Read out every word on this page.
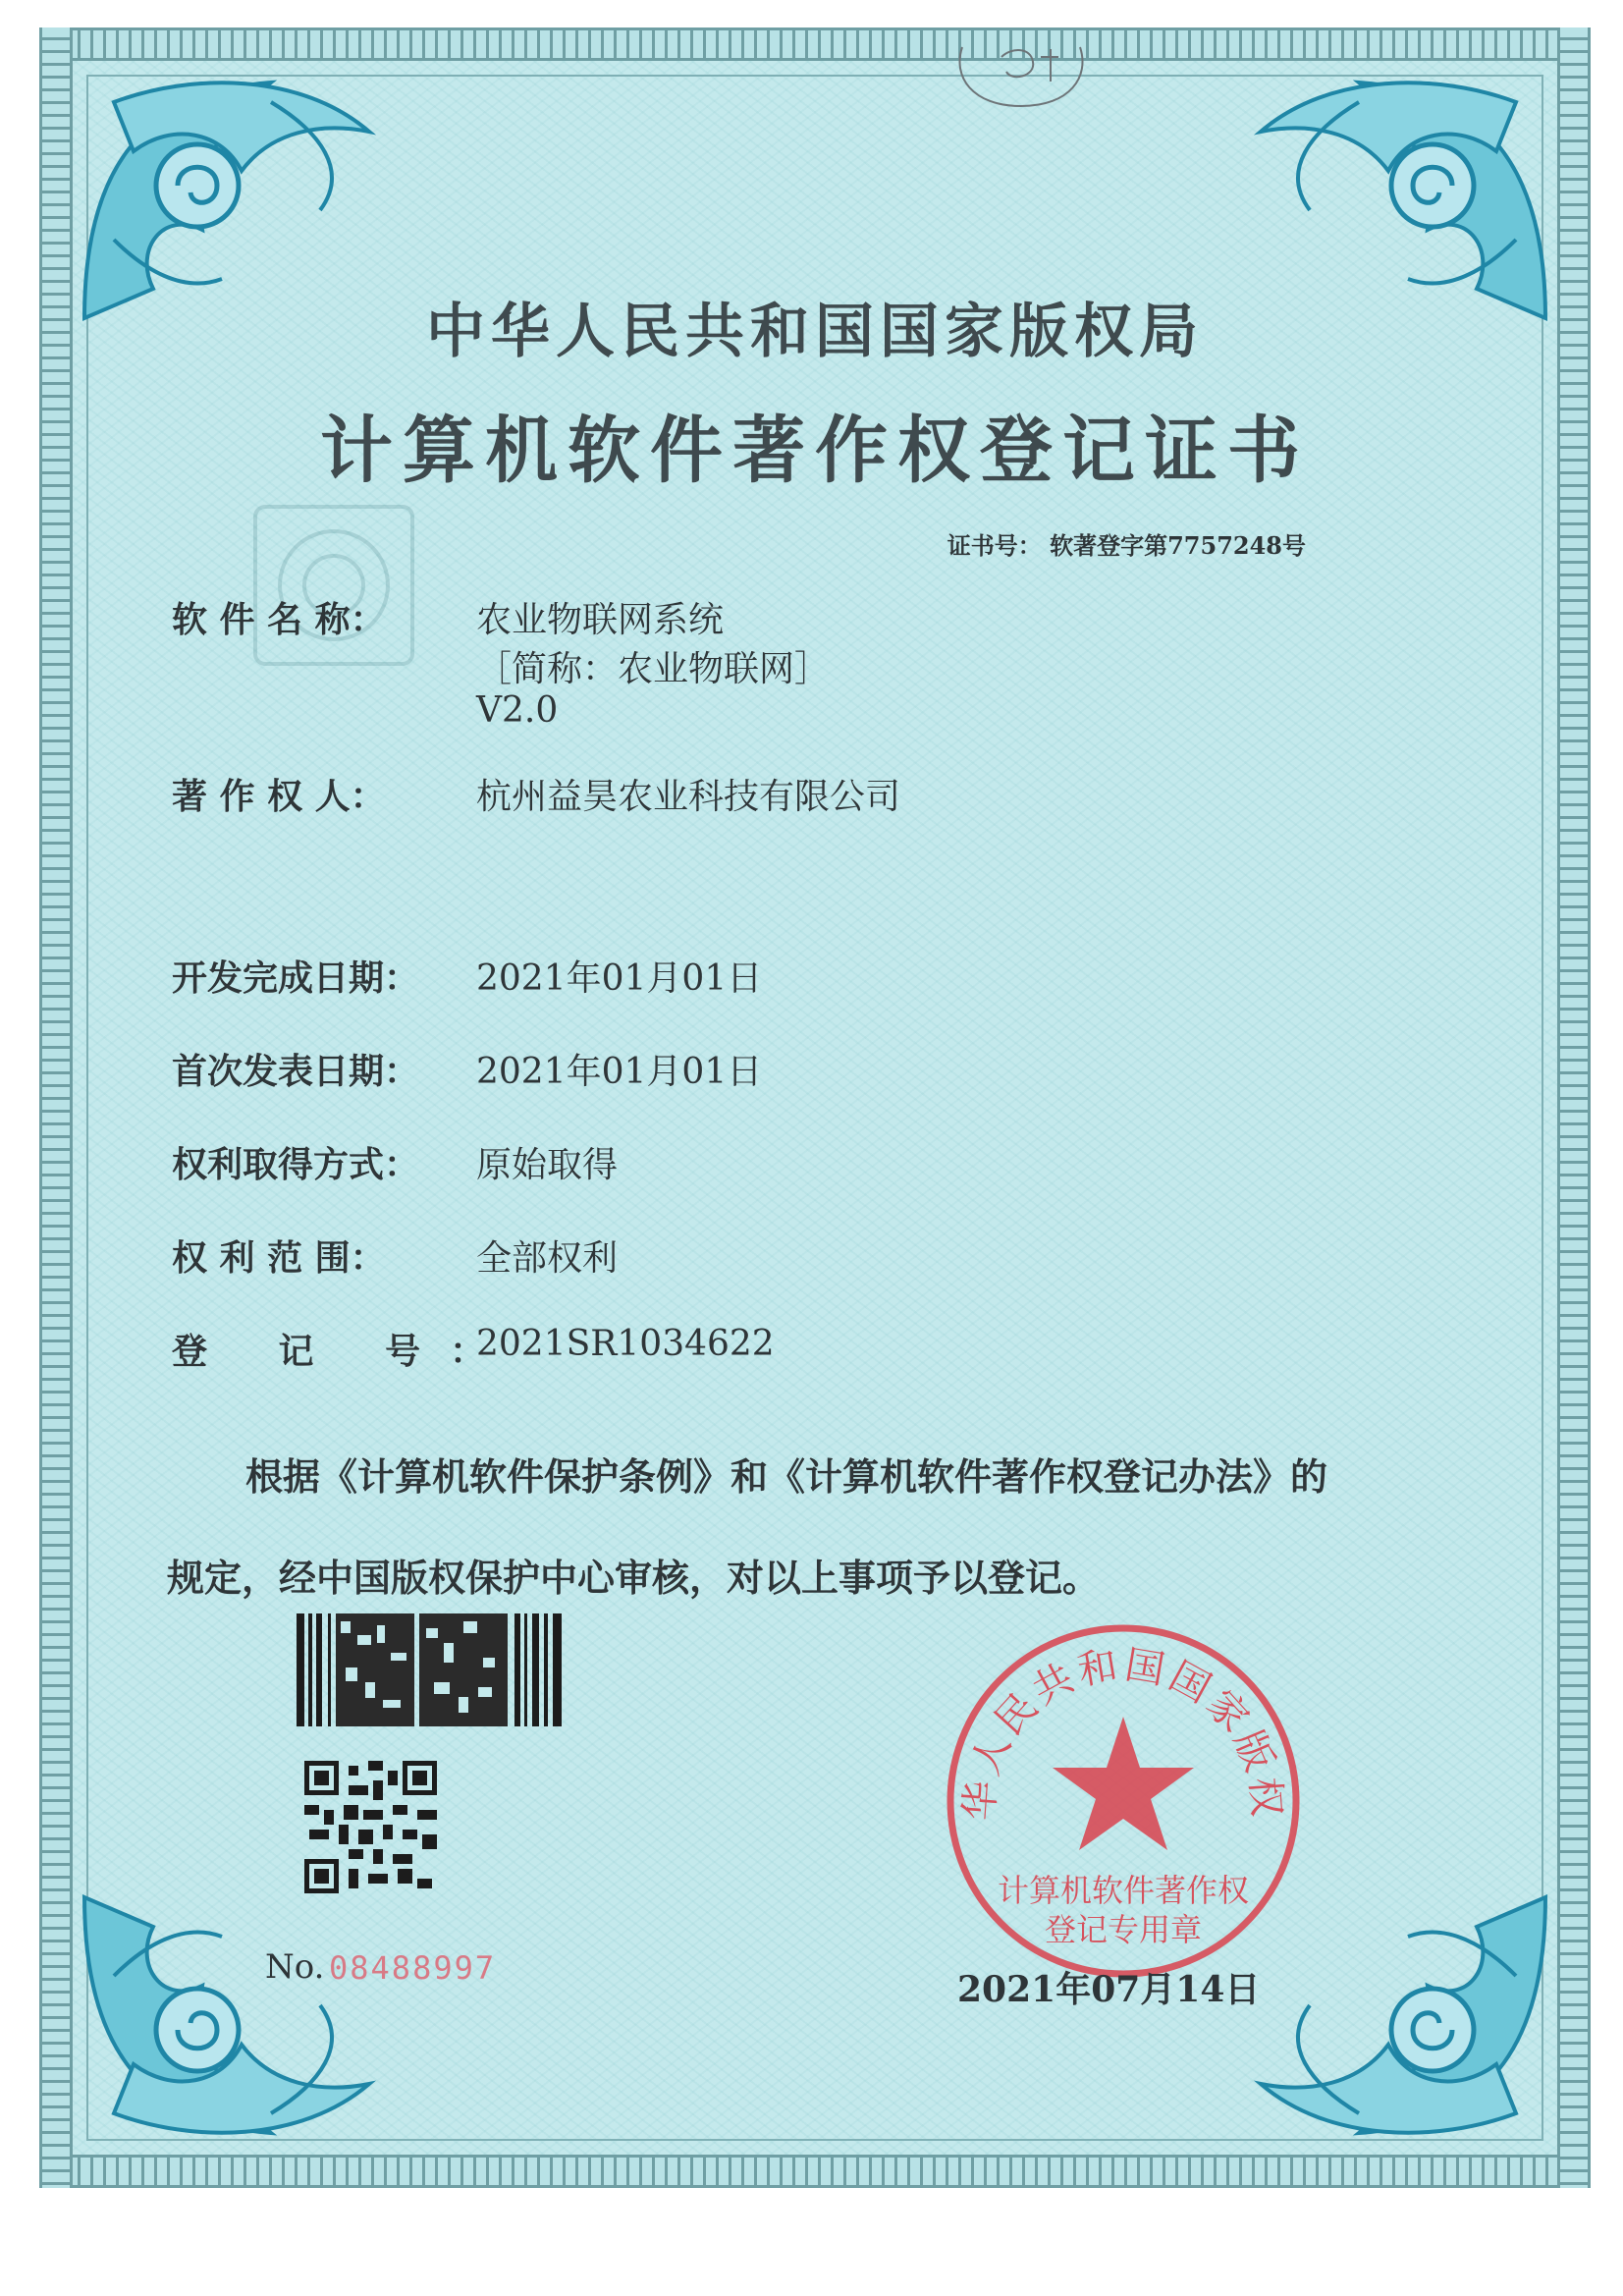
中华人民共和国国家版权局
计算机软件著作权登记证书
证书号： 软著登字第7757248号
软 件 名 称：	农业物联网系统
［简称：农业物联网］
V2.0
著 作 权 人：	杭州益昊农业科技有限公司
开发完成日期： 2021年01月01日
首次发表日期： 2021年01月01日
权利取得方式： 原始取得
权 利 范 围：	全部权利
登 记 号：
2021SR1034622
根据《计算机软件保护条例》和《计算机软件著作权登记办法》的
规定，经中国版权保护中心审核，对以上事项予以登记。
No. 08488997
华人民共和国国家版权
计算机软件著作权
登记专用章
2021年07月14日
